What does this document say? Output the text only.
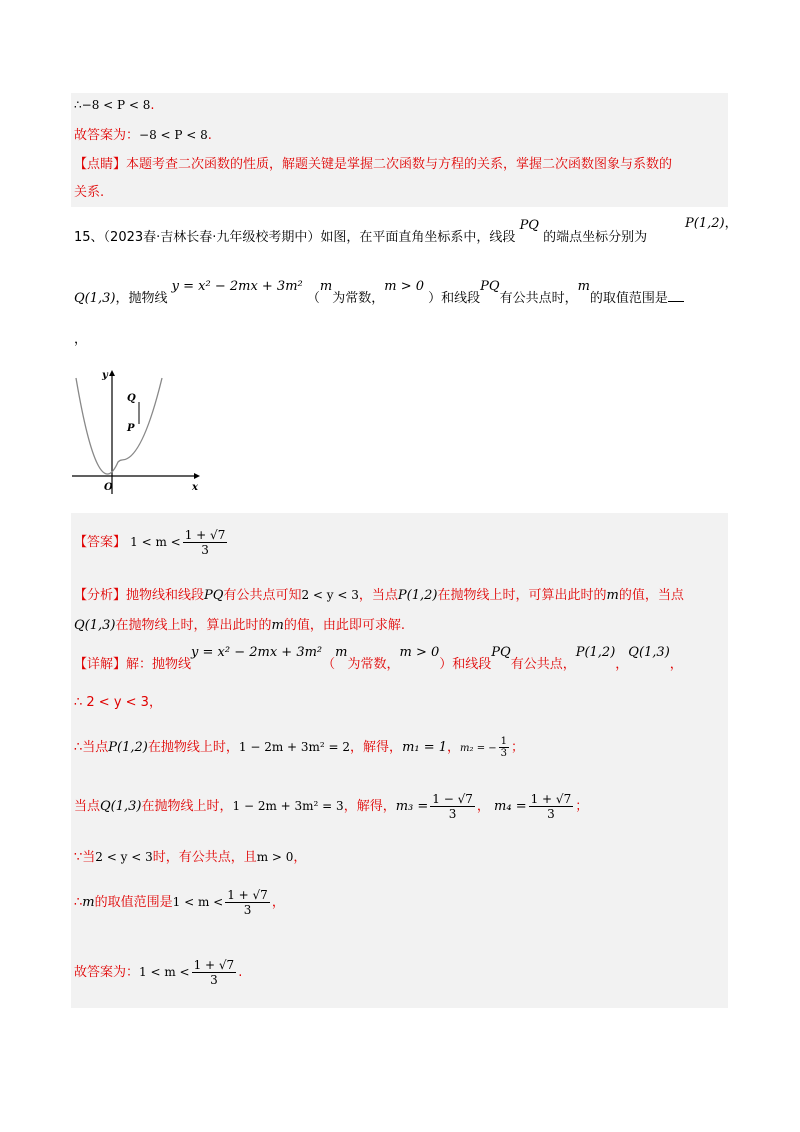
∴−8 < P < 8.
故答案为：−8 < P < 8.
【点睛】本题考查二次函数的性质，解题关键是掌握二次函数与方程的关系，掌握二次函数图象与系数的
关系.
15、（2023春·吉林长春·九年级校考期中）如图，在平面直角坐标系中，线段 PQ 的端点坐标分别为
P(1,2)，
Q(1,3)，抛物线 y = x² − 2mx + 3m² （m为常数，m > 0 ）和线段PQ有公共点时，m的取值范围是
，
Q
P
O	x
y
【答案】 $1 < m < \frac{1 + √7}{3}$
【分析】抛物线和线段PQ有公共点可知2 < y < 3，当点P(1,2)在抛物线上时，可算出此时的m的值，当点
Q(1,3)在抛物线上时，算出此时的m的值，由此即可求解.
【详解】解：抛物线y = x² − 2mx + 3m²（m为常数，m > 0）和线段PQ有公共点，P(1,2)，Q(1,3)，
∴ 2 < y < 3，
∴当点P(1,2)在抛物线上时，1 − 2m + 3m² = 2，解得，m₁ = 1，m₂ = − $\frac{1}{3}$ ；
当点Q(1,3)在抛物线上时，1 − 2m + 3m² = 3，解得，$m_3 = \frac{1 - √7}{3}$ ， $m_4 = \frac{1 + √7}{3}$ ；
∵当2 < y < 3时，有公共点，且m > 0，
∴m的取值范围是$1 < m < \frac{1 + √7}{3}$ ，
故答案为：$1 < m < \frac{1 + √7}{3}$ .
